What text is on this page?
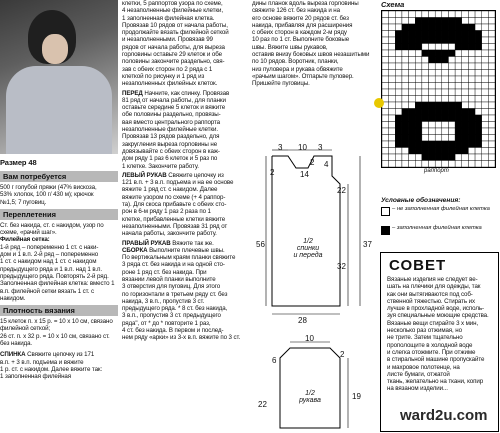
Размер 48

Вам потребуется

500 г голубой пряжи (47% вискоза,

53% хлопок, 100 г/ 430 м); крючок

№1,5; 7 пуговиц.

Переплетения

Ст. без накида, ст. с накидом, узор по

схеме, «рачий шаг».

Филейная сетка:

1-й ряд – попеременно 1 ст. с наки-

дом и 1 в.п. 2-й ряд – попеременно

1 ст. с накидом над 1 ст. с накидом

предыдущего ряда и 1 в.п. над 1 в.п.

предыдущего ряда. Повторять 2-й ряд.

Заполненная филейная клетка: вместо 1

в.п. филейной сетки вязать 1 ст. с

накидом.

Плотность вязания

15 клеток п. x 15 р. = 10 x 10 см, связано

филейной сеткой;

26 ст. п. x 32 р. = 10 x 10 см, связано ст.

без накида.

СПИНКА Свяжите цепочку из 171

в.п. + 3 в.п. подъема и вяжите

1 р. ст. с накидом. Далее вяжите так:

1 заполненная филейная

клетки, 5 раппортов узора по схеме,

4 незаполненные филейные клетки,

1 заполненная филейная клетка.

Провязав 10 рядов от начала работы,

продолжайте вязать филейной сеткой

и незаполненными. Провязав 99

рядов от начала работы, для выреза

горловины оставьте 29 клеток и обе

половины закончите раздельно, свя-

зав с обеих сторон по 2 ряда с 1

клеткой по рисунку и 1 ряд из

незаполненных филейных клеток.

ПЕРЕД Начните, как спинку. Провязав

81 ряд от начала работы, для планки

оставьте середине 5 клеток и вяжите

обе половины раздельно, провязы-

вая вместо центрального раппорта

незаполненные филейные клетки.

Провязав 13 рядов раздельно, для

закругления выреза горловины не

довязывайте с обеих сторон в каж-

дом ряду 1 раз 6 клеток и 5 раз по

1 клетке. Закончите работу.

ЛЕВЫЙ РУКАВ Свяжите цепочку из

121 в.п. + 3 в.п. подъема и на ее основе

вяжите 1 ряд ст. с накидом. Далее

вяжите узором по схеме (+ 4 раппор-

та). Для скоса прибавьте с обеих сто-

рон в 6-м ряду 1 раз 2 раза по 1

клетке, прибавленные клетки вяжите

незаполненными. Провязав 31 ряд от

начала работы, закончите работу.

ПРАВЫЙ РУКАВ Вяжите так же.

СБОРКА Выполните плечевые швы.

По вертикальным краям планки свяжите

3 ряда ст. без накида и на одной сто-

роне 1 ряд ст. без накида. При

вязании левой планки выполните

3 отверстия для пуговиц. Для этого

по горизонтали в третьем ряду ст. без

накида, 3 в.п., пропустив 3 ст.

предыдущего ряда. * 8 ст. без накида,

3 в.п., пропустив 3 ст. предыдущего

ряда", от * до * повторите 1 раз,

4 ст. без накида. В первом и послед-

нем ряду «арки» из 3-х в.п. вяжите по 3 ст.

дины планок вдоль выреза горловины

свяжите 126 ст. без накида и на

его основе вяжите 20 рядов ст. без

накида, прибавляя для расширения

с обеих сторон в каждом 2-м ряду

10 раз по 1 ст. Выполните боковые

швы. Вяжите швы рукавов,

оставив внизу боковых швов незашитыми

по 10 рядов. Воротник, планки,

низ пуловера и рукава обвяжите

«рачьим шагом». Отпарьте пуловер.

Пришейте пуговицы.

3 10 3
22
2
56	37
32
28
2
14
4
1/2
спинки
и переда
10
2
6
19
22
1/2
рукава
Схема
раппорт
Условные обозначения:
– не заполненная филейная клетка
– заполненная филейная клетка
СОВЕТ

Вязаные изделия не следует ве-

шать на плечики для одежды, так

как они вытягиваются под соб-

ственной тяжестью. Стирать их

лучше в прохладной воде, исполь-

зуя специальные моющие средства.

Вязаные вещи стирайте 3 х мин,

несколько раз отжимая, но

не трите. Затем тщательно

прополощите в холодной воде

и слегка отожмите. При отжиме

в стиральной машине пропускайте

и махровое полотенце, на

листе бумаги, отжатой

ткань, желательно на ткани, копир

на вязаном изделии...

ward2u.com
